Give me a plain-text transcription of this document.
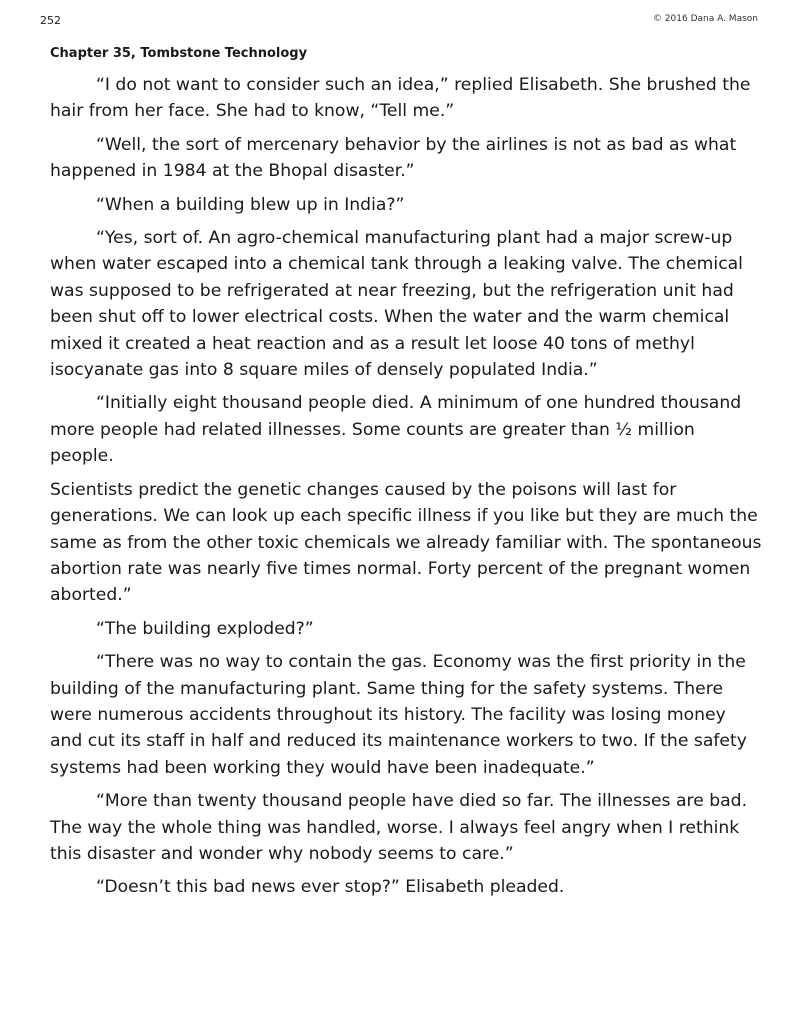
252	© 2016 Dana A. Mason
Chapter 35, Tombstone Technology

“I do not want to consider such an idea,” replied Elisabeth. She brushed the hair from her face. She had to know, “Tell me.”

“Well, the sort of mercenary behavior by the airlines is not as bad as what happened in 1984 at the Bhopal disaster.”

“When a building blew up in India?”

“Yes, sort of. An agro-chemical manufacturing plant had a major screw-up when water escaped into a chemical tank through a leaking valve. The chemical was supposed to be refrigerated at near freezing, but the refrigeration unit had been shut off to lower electrical costs. When the water and the warm chemical mixed it created a heat reaction and as a result let loose 40 tons of methyl isocyanate gas into 8 square miles of densely populated India.”

“Initially eight thousand people died. A minimum of one hundred thousand more people had related illnesses. Some counts are greater than ½ million people.

Scientists predict the genetic changes caused by the poisons will last for generations. We can look up each specific illness if you like but they are much the same as from the other toxic chemicals we already familiar with. The spontaneous abortion rate was nearly five times normal. Forty percent of the pregnant women aborted.”

“The building exploded?”

“There was no way to contain the gas. Economy was the first priority in the building of the manufacturing plant. Same thing for the safety systems. There were numerous accidents throughout its history. The facility was losing money and cut its staff in half and reduced its maintenance workers to two. If the safety systems had been working they would have been inadequate.”

“More than twenty thousand people have died so far. The illnesses are bad. The way the whole thing was handled, worse. I always feel angry when I rethink this disaster and wonder why nobody seems to care.”

“Doesn’t this bad news ever stop?” Elisabeth pleaded.
